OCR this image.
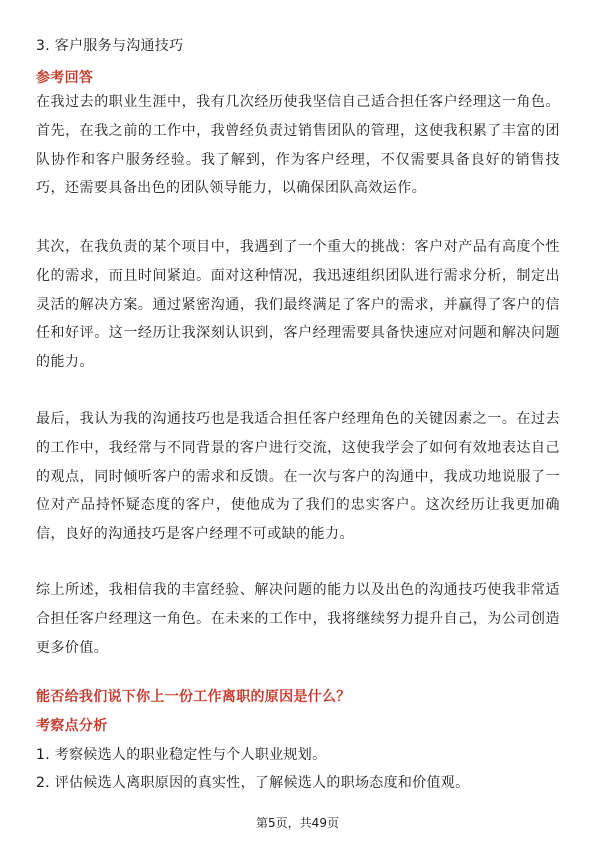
3. 客户服务与沟通技巧
参考回答
在我过去的职业生涯中，我有几次经历使我坚信自己适合担任客户经理这一角色。首先，在我之前的工作中，我曾经负责过销售团队的管理，这使我积累了丰富的团队协作和客户服务经验。我了解到，作为客户经理，不仅需要具备良好的销售技巧，还需要具备出色的团队领导能力，以确保团队高效运作。
其次，在我负责的某个项目中，我遇到了一个重大的挑战：客户对产品有高度个性化的需求，而且时间紧迫。面对这种情况，我迅速组织团队进行需求分析，制定出灵活的解决方案。通过紧密沟通，我们最终满足了客户的需求，并赢得了客户的信任和好评。这一经历让我深刻认识到，客户经理需要具备快速应对问题和解决问题的能力。
最后，我认为我的沟通技巧也是我适合担任客户经理角色的关键因素之一。在过去的工作中，我经常与不同背景的客户进行交流，这使我学会了如何有效地表达自己的观点，同时倾听客户的需求和反馈。在一次与客户的沟通中，我成功地说服了一位对产品持怀疑态度的客户，使他成为了我们的忠实客户。这次经历让我更加确信，良好的沟通技巧是客户经理不可或缺的能力。
综上所述，我相信我的丰富经验、解决问题的能力以及出色的沟通技巧使我非常适合担任客户经理这一角色。在未来的工作中，我将继续努力提升自己，为公司创造更多价值。
能否给我们说下你上一份工作离职的原因是什么？
考察点分析
1. 考察候选人的职业稳定性与个人职业规划。
2. 评估候选人离职原因的真实性，了解候选人的职场态度和价值观。
第5页，共49页
